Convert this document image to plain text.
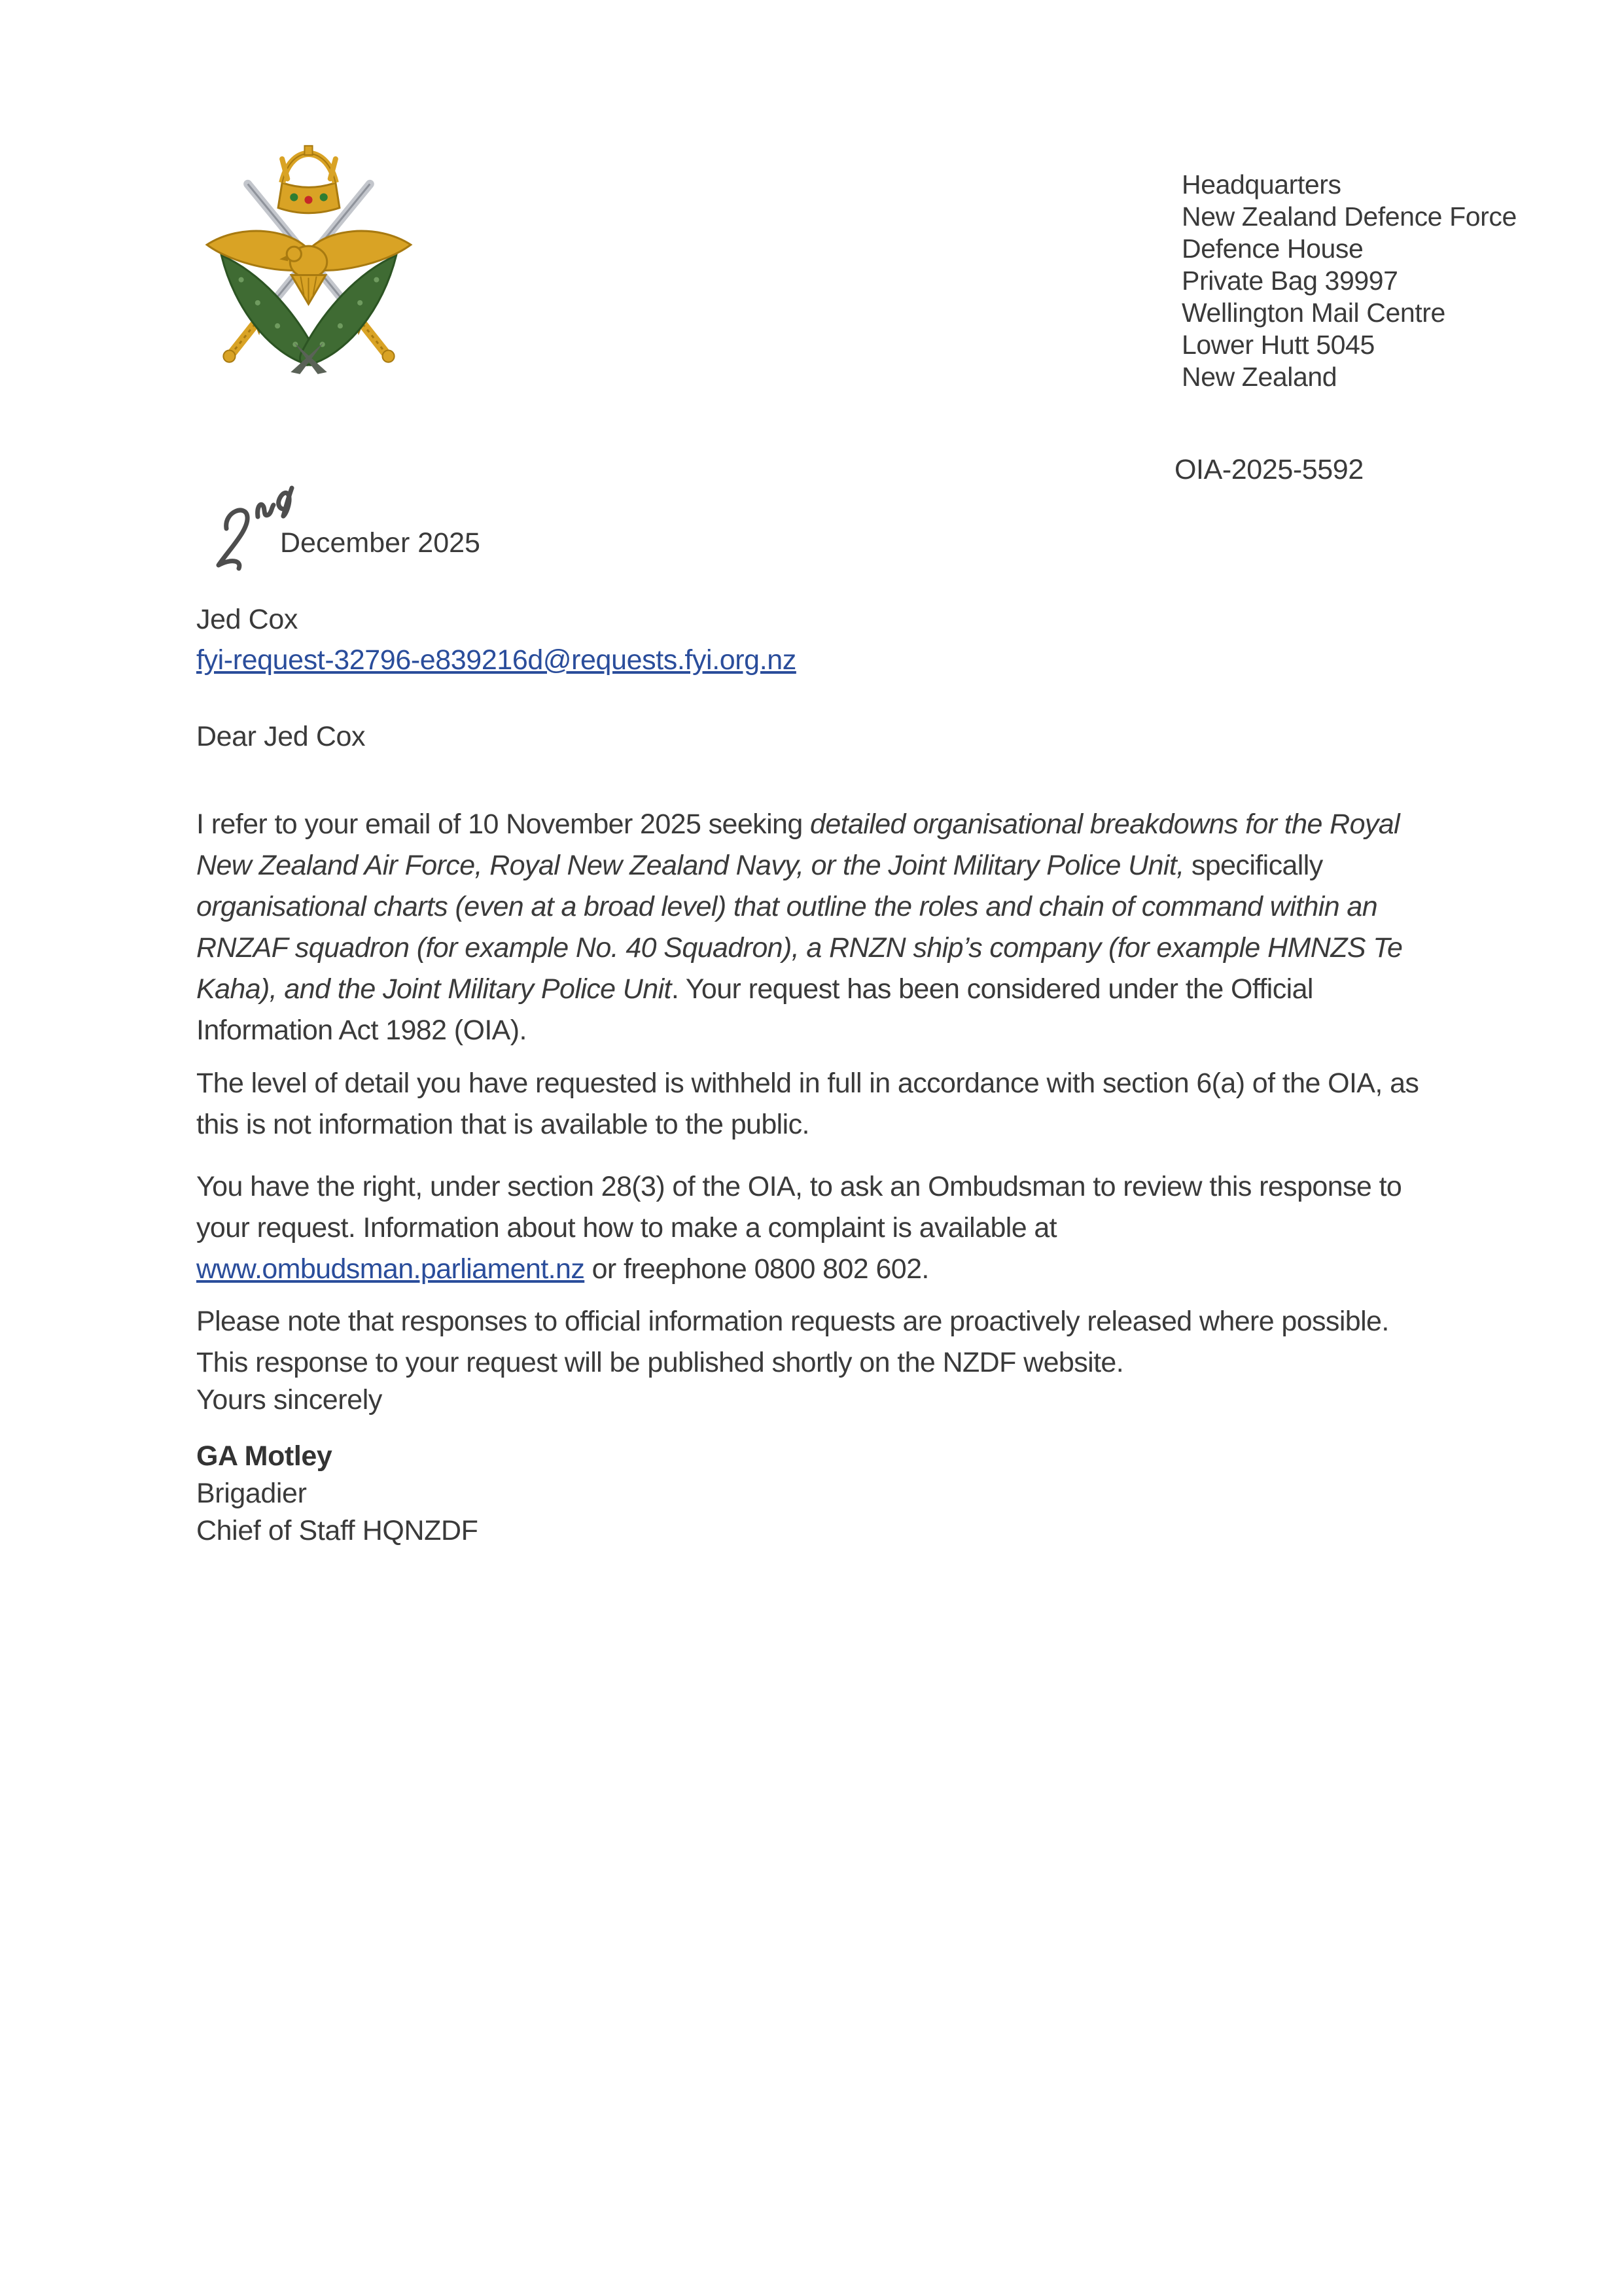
Headquarters
New Zealand Defence Force
Defence House
Private Bag 39997
Wellington Mail Centre
Lower Hutt 5045
New Zealand
OIA-2025-5592
December 2025
Jed Cox
fyi-request-32796-e839216d@requests.fyi.org.nz
Dear Jed Cox

I refer to your email of 10 November 2025 seeking detailed organisational breakdowns for the Royal New Zealand Air Force, Royal New Zealand Navy, or the Joint Military Police Unit, specifically organisational charts (even at a broad level) that outline the roles and chain of command within an RNZAF squadron (for example No. 40 Squadron), a RNZN ship’s company (for example HMNZS Te Kaha), and the Joint Military Police Unit. Your request has been considered under the Official Information Act 1982 (OIA).

The level of detail you have requested is withheld in full in accordance with section 6(a) of the OIA, as this is not information that is available to the public.

You have the right, under section 28(3) of the OIA, to ask an Ombudsman to review this response to your request. Information about how to make a complaint is available at www.ombudsman.parliament.nz or freephone 0800 802 602.

Please note that responses to official information requests are proactively released where possible. This response to your request will be published shortly on the NZDF website.

Yours sincerely
GA Motley
Brigadier
Chief of Staff HQNZDF
